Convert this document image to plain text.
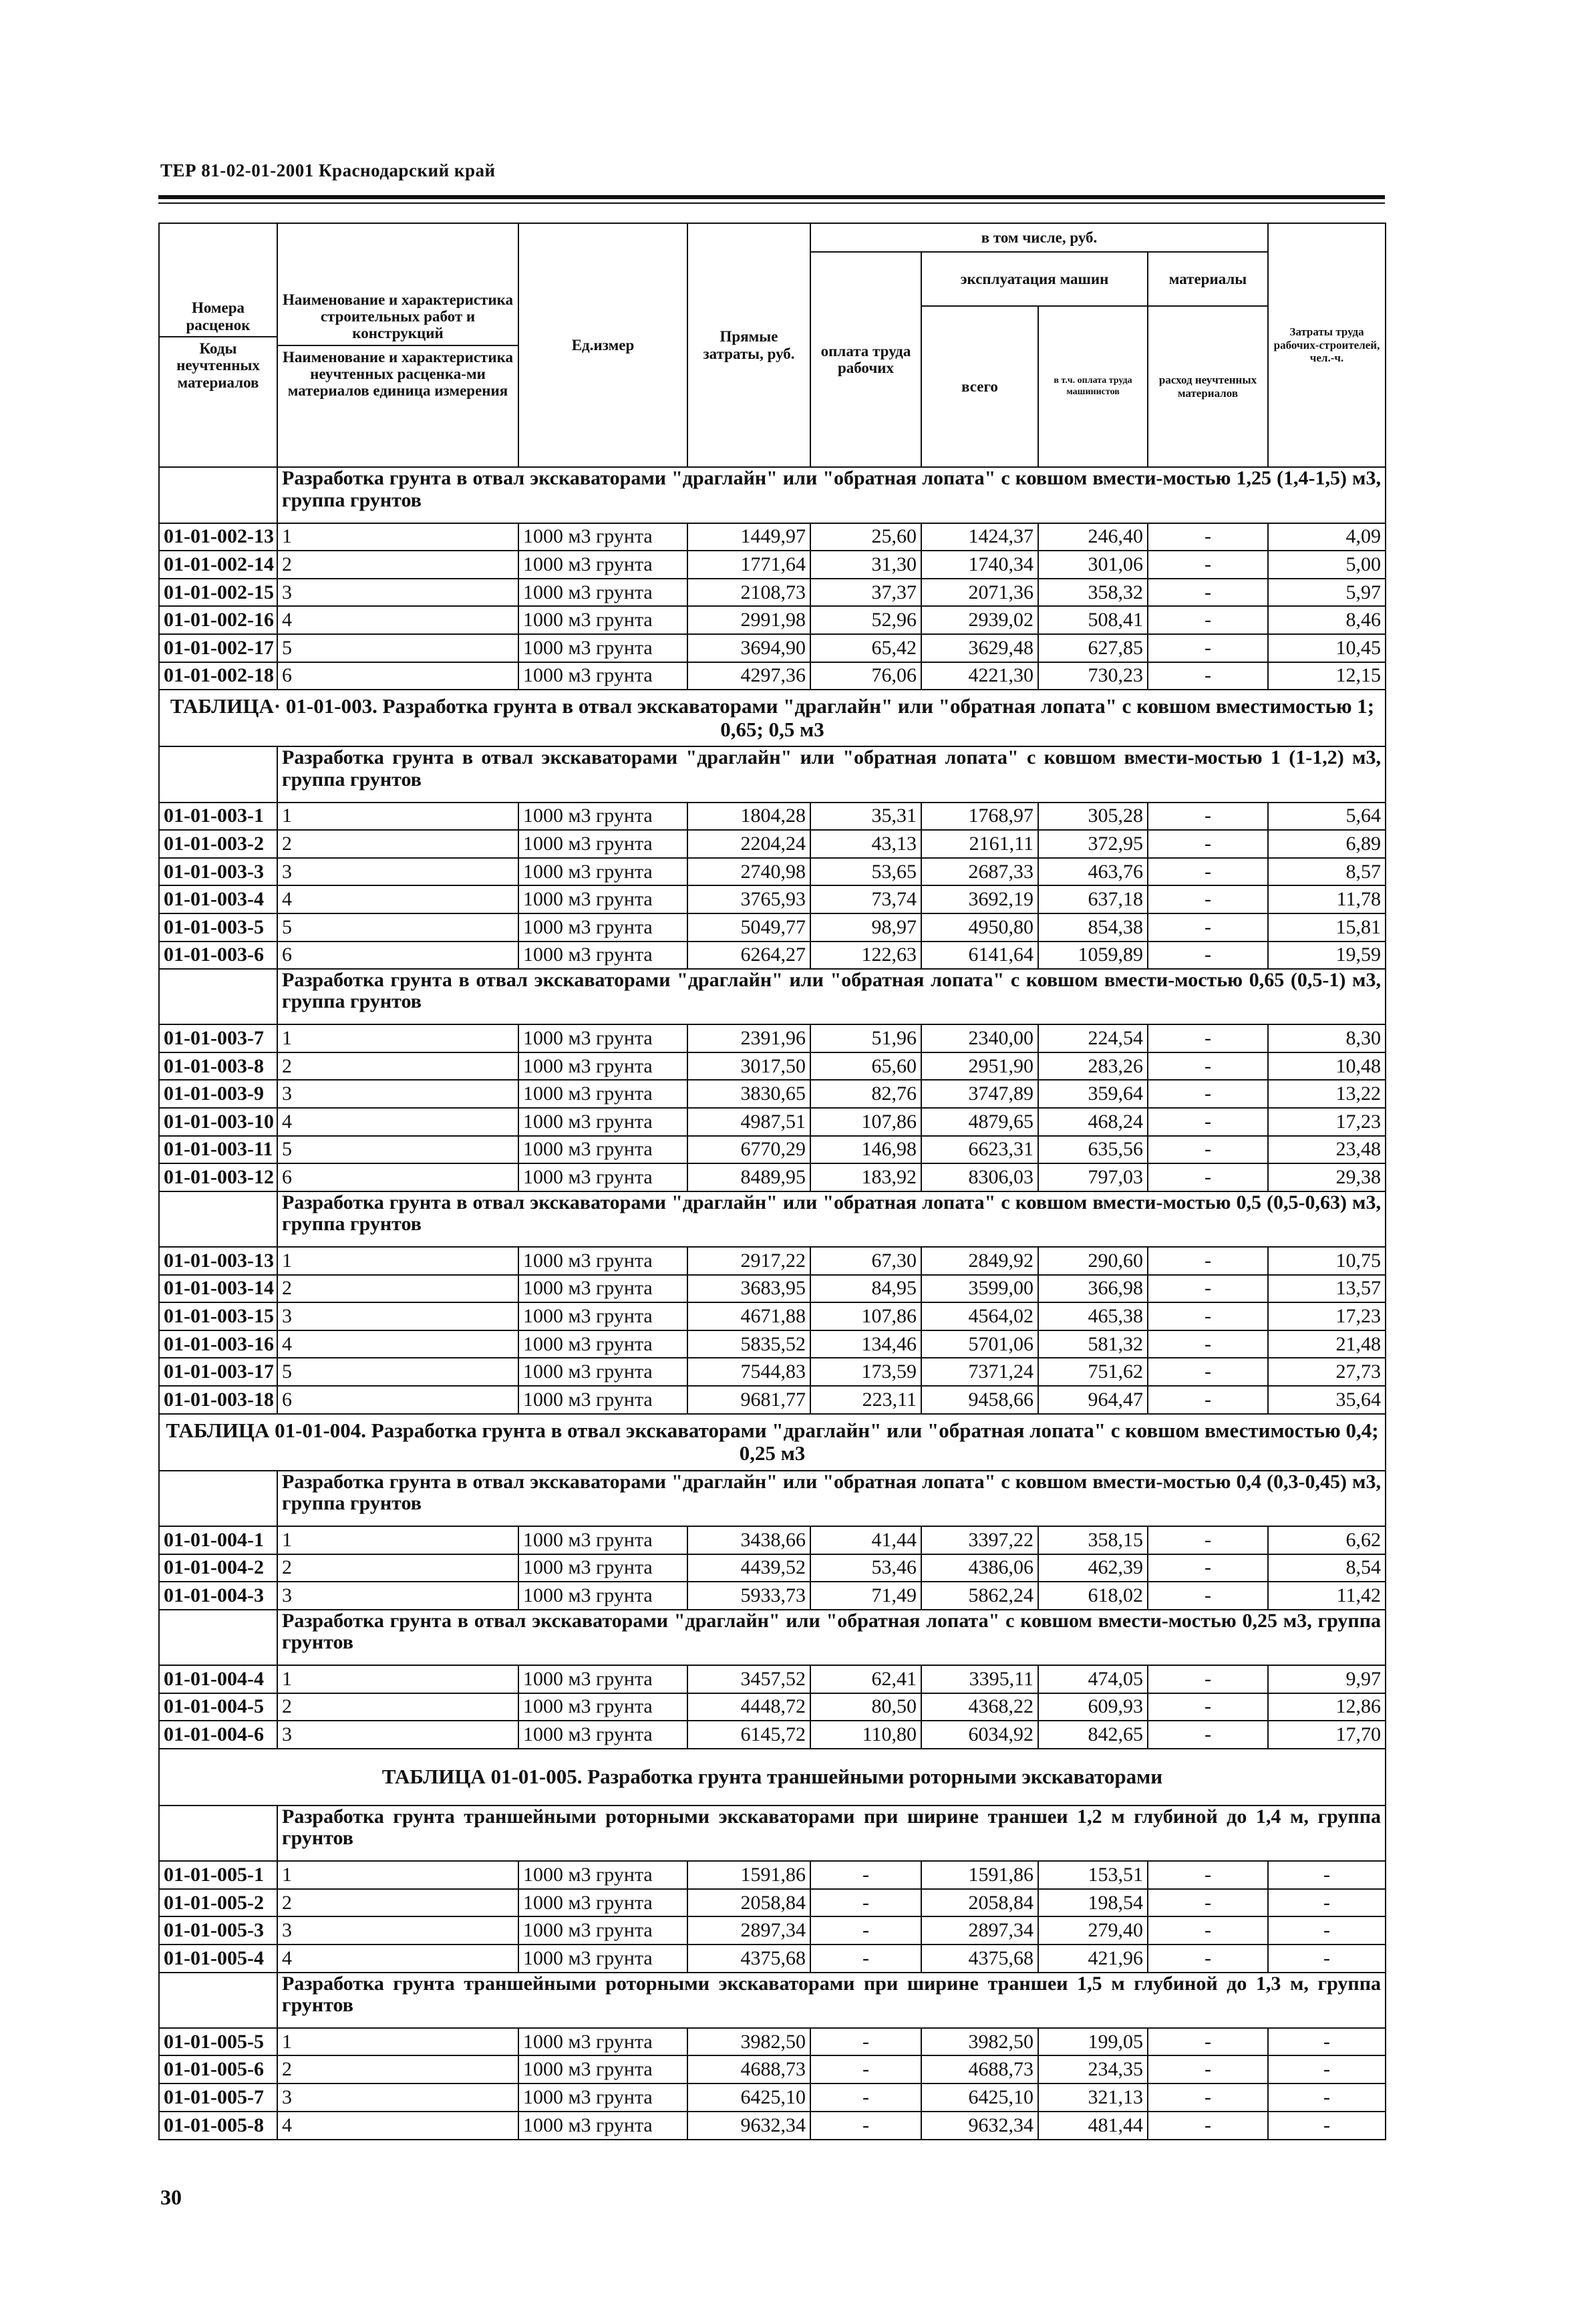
ТЕР 81-02-01-2001 Краснодарский край
Номера расценок
Коды неучтенных материалов	Наименование и характеристика строительных работ и конструкций
Наименование и характеристика неучтенных расценка-ми материалов единица измерения	Ед.измер	Прямые затраты, руб.	в том числе, руб.				Затраты труда рабочих-строителей, чел.-ч.
				оплата труда рабочих	эксплуатация машин		материалы	
					всего	в т.ч. оплата труда машинистов	расход неучтенных материалов	
	Разработка грунта в отвал экскаваторами "драглайн" или "обратная лопата" с ковшом вмести-мостью 1,25 (1,4-1,5) м3, группа грунтов							
01-01-002-13	1	1000 м3 грунта	1449,97	25,60	1424,37	246,40	-	4,09
01-01-002-14	2	1000 м3 грунта	1771,64	31,30	1740,34	301,06	-	5,00
01-01-002-15	3	1000 м3 грунта	2108,73	37,37	2071,36	358,32	-	5,97
01-01-002-16	4	1000 м3 грунта	2991,98	52,96	2939,02	508,41	-	8,46
01-01-002-17	5	1000 м3 грунта	3694,90	65,42	3629,48	627,85	-	10,45
01-01-002-18	6	1000 м3 грунта	4297,36	76,06	4221,30	730,23	-	12,15
ТАБЛИЦА· 01-01-003. Разработка грунта в отвал экскаваторами "драглайн" или "обратная лопата" с ковшом вместимостью 1; 0,65; 0,5 м3								
	Разработка грунта в отвал экскаваторами "драглайн" или "обратная лопата" с ковшом вмести-мостью 1 (1-1,2) м3, группа грунтов							
01-01-003-1	1	1000 м3 грунта	1804,28	35,31	1768,97	305,28	-	5,64
01-01-003-2	2	1000 м3 грунта	2204,24	43,13	2161,11	372,95	-	6,89
01-01-003-3	3	1000 м3 грунта	2740,98	53,65	2687,33	463,76	-	8,57
01-01-003-4	4	1000 м3 грунта	3765,93	73,74	3692,19	637,18	-	11,78
01-01-003-5	5	1000 м3 грунта	5049,77	98,97	4950,80	854,38	-	15,81
01-01-003-6	6	1000 м3 грунта	6264,27	122,63	6141,64	1059,89	-	19,59
	Разработка грунта в отвал экскаваторами "драглайн" или "обратная лопата" с ковшом вмести-мостью 0,65 (0,5-1) м3, группа грунтов							
01-01-003-7	1	1000 м3 грунта	2391,96	51,96	2340,00	224,54	-	8,30
01-01-003-8	2	1000 м3 грунта	3017,50	65,60	2951,90	283,26	-	10,48
01-01-003-9	3	1000 м3 грунта	3830,65	82,76	3747,89	359,64	-	13,22
01-01-003-10	4	1000 м3 грунта	4987,51	107,86	4879,65	468,24	-	17,23
01-01-003-11	5	1000 м3 грунта	6770,29	146,98	6623,31	635,56	-	23,48
01-01-003-12	6	1000 м3 грунта	8489,95	183,92	8306,03	797,03	-	29,38
	Разработка грунта в отвал экскаваторами "драглайн" или "обратная лопата" с ковшом вмести-мостью 0,5 (0,5-0,63) м3, группа грунтов							
01-01-003-13	1	1000 м3 грунта	2917,22	67,30	2849,92	290,60	-	10,75
01-01-003-14	2	1000 м3 грунта	3683,95	84,95	3599,00	366,98	-	13,57
01-01-003-15	3	1000 м3 грунта	4671,88	107,86	4564,02	465,38	-	17,23
01-01-003-16	4	1000 м3 грунта	5835,52	134,46	5701,06	581,32	-	21,48
01-01-003-17	5	1000 м3 грунта	7544,83	173,59	7371,24	751,62	-	27,73
01-01-003-18	6	1000 м3 грунта	9681,77	223,11	9458,66	964,47	-	35,64
ТАБЛИЦА 01-01-004. Разработка грунта в отвал экскаваторами "драглайн" или "обратная лопата" с ковшом вместимостью 0,4; 0,25 м3								
	Разработка грунта в отвал экскаваторами "драглайн" или "обратная лопата" с ковшом вмести-мостью 0,4 (0,3-0,45) м3, группа грунтов							
01-01-004-1	1	1000 м3 грунта	3438,66	41,44	3397,22	358,15	-	6,62
01-01-004-2	2	1000 м3 грунта	4439,52	53,46	4386,06	462,39	-	8,54
01-01-004-3	3	1000 м3 грунта	5933,73	71,49	5862,24	618,02	-	11,42
	Разработка грунта в отвал экскаваторами "драглайн" или "обратная лопата" с ковшом вмести-мостью 0,25 м3, группа грунтов							
01-01-004-4	1	1000 м3 грунта	3457,52	62,41	3395,11	474,05	-	9,97
01-01-004-5	2	1000 м3 грунта	4448,72	80,50	4368,22	609,93	-	12,86
01-01-004-6	3	1000 м3 грунта	6145,72	110,80	6034,92	842,65	-	17,70
ТАБЛИЦА 01-01-005. Разработка грунта траншейными роторными экскаваторами								
	Разработка грунта траншейными роторными экскаваторами при ширине траншеи 1,2 м глубиной до 1,4 м, группа грунтов							
01-01-005-1	1	1000 м3 грунта	1591,86	-	1591,86	153,51	-	-
01-01-005-2	2	1000 м3 грунта	2058,84	-	2058,84	198,54	-	-
01-01-005-3	3	1000 м3 грунта	2897,34	-	2897,34	279,40	-	-
01-01-005-4	4	1000 м3 грунта	4375,68	-	4375,68	421,96	-	-
	Разработка грунта траншейными роторными экскаваторами при ширине траншеи 1,5 м глубиной до 1,3 м, группа грунтов							
01-01-005-5	1	1000 м3 грунта	3982,50	-	3982,50	199,05	-	-
01-01-005-6	2	1000 м3 грунта	4688,73	-	4688,73	234,35	-	-
01-01-005-7	3	1000 м3 грунта	6425,10	-	6425,10	321,13	-	-
01-01-005-8	4	1000 м3 грунта	9632,34	-	9632,34	481,44	-	-
30
